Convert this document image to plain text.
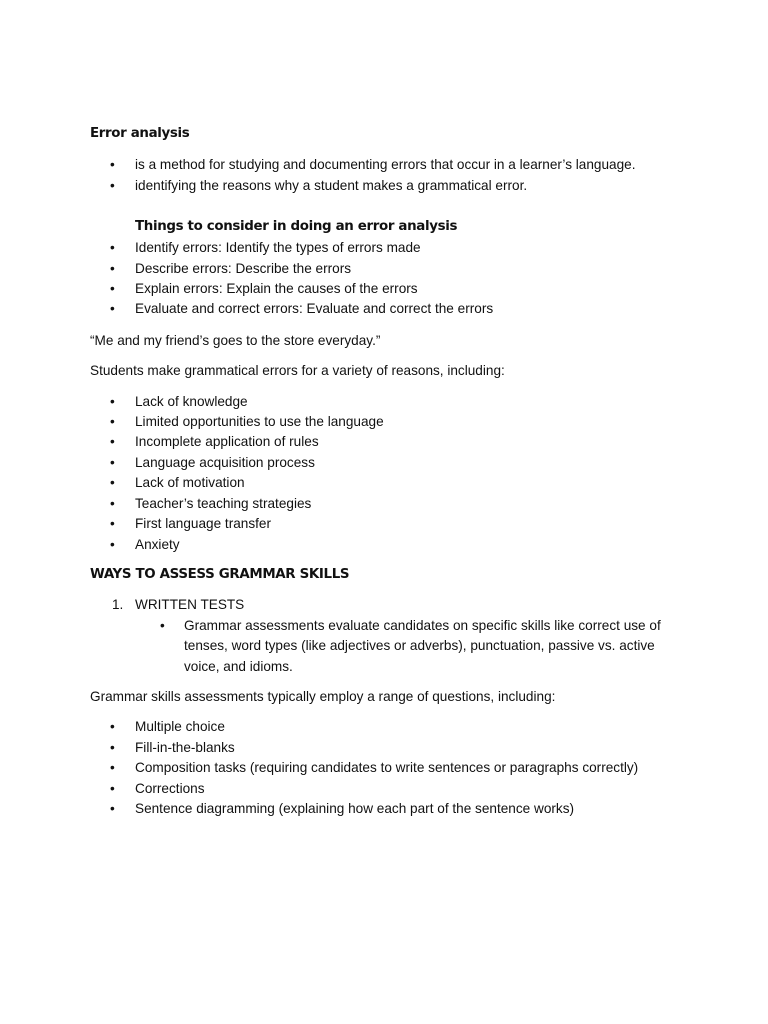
Error analysis
• is a method for studying and documenting errors that occur in a learner’s language.
• identifying the reasons why a student makes a grammatical error.
Things to consider in doing an error analysis
• Identify errors: Identify the types of errors made
• Describe errors: Describe the errors
• Explain errors: Explain the causes of the errors
• Evaluate and correct errors: Evaluate and correct the errors

“Me and my friend’s goes to the store everyday.”

Students make grammatical errors for a variety of reasons, including:

• Lack of knowledge
• Limited opportunities to use the language
• Incomplete application of rules
• Language acquisition process
• Lack of motivation
• Teacher’s teaching strategies
• First language transfer
• Anxiety
WAYS TO ASSESS GRAMMAR SKILLS
1. WRITTEN TESTS
• Grammar assessments evaluate candidates on specific skills like correct use of tenses, word types (like adjectives or adverbs), punctuation, passive vs. active voice, and idioms.

Grammar skills assessments typically employ a range of questions, including:

• Multiple choice
• Fill-in-the-blanks
• Composition tasks (requiring candidates to write sentences or paragraphs correctly)
• Corrections
• Sentence diagramming (explaining how each part of the sentence works)
